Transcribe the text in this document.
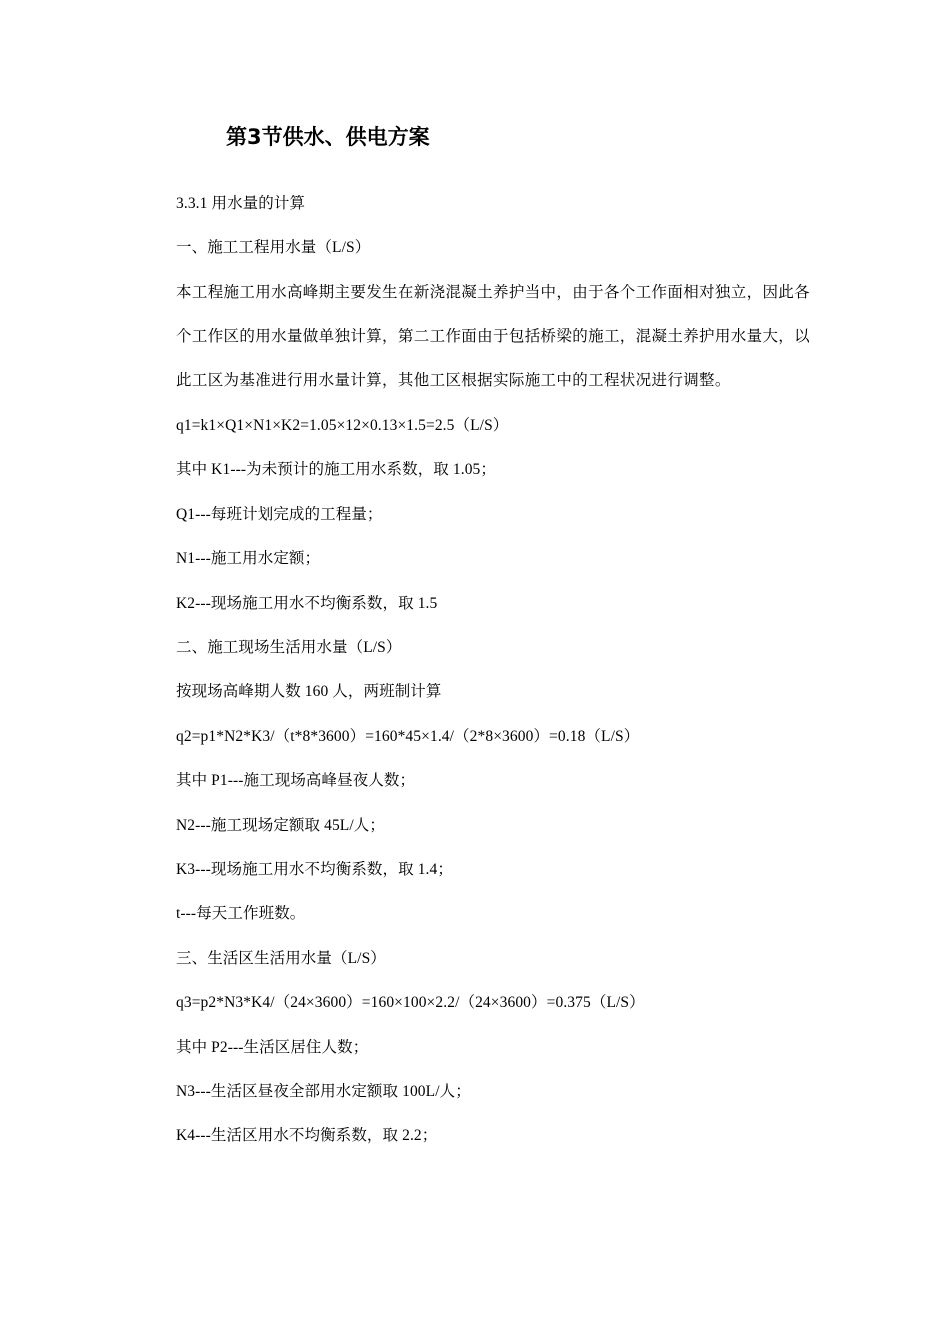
第3节供水、供电方案
3.3.1 用水量的计算
一、施工工程用水量（L/S）
本工程施工用水高峰期主要发生在新浇混凝土养护当中，由于各个工作面相对独立，因此各
个工作区的用水量做单独计算，第二工作面由于包括桥梁的施工，混凝土养护用水量大，以
此工区为基准进行用水量计算，其他工区根据实际施工中的工程状况进行调整。
q1=k1×Q1×N1×K2=1.05×12×0.13×1.5=2.5（L/S）
其中 K1---为未预计的施工用水系数，取 1.05；
Q1---每班计划完成的工程量；
N1---施工用水定额；
K2---现场施工用水不均衡系数，取 1.5
二、施工现场生活用水量（L/S）
按现场高峰期人数 160 人，两班制计算
q2=p1*N2*K3/（t*8*3600）=160*45×1.4/（2*8×3600）=0.18（L/S）
其中 P1---施工现场高峰昼夜人数；
N2---施工现场定额取 45L/人；
K3---现场施工用水不均衡系数，取 1.4；
t---每天工作班数。
三、生活区生活用水量（L/S）
q3=p2*N3*K4/（24×3600）=160×100×2.2/（24×3600）=0.375（L/S）
其中 P2---生活区居住人数；
N3---生活区昼夜全部用水定额取 100L/人；
K4---生活区用水不均衡系数，取 2.2；
